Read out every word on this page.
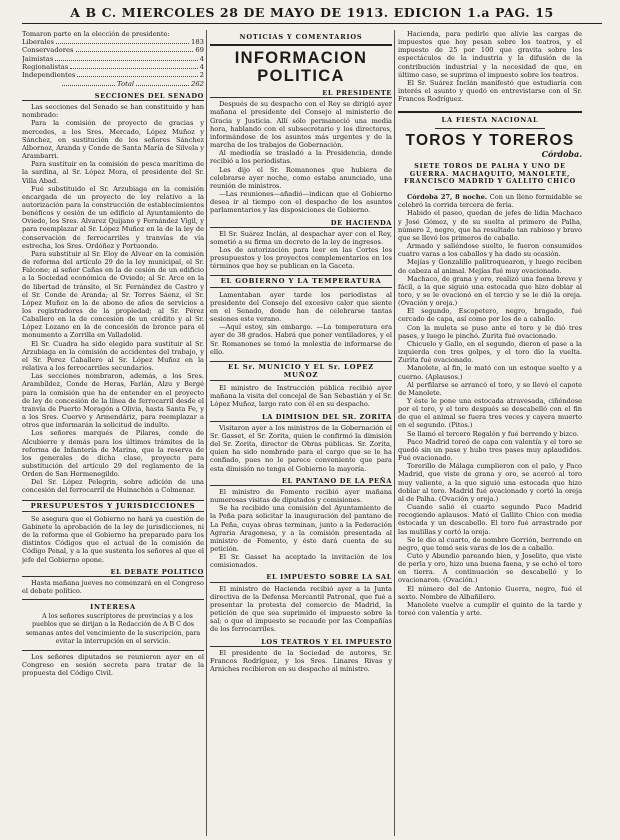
A B C. MIERCOLES 28 DE MAYO DE 1913. EDICION 1.a PAG. 15

Tomaron parte en la elección de presidente:

Liberales	183
Conservadores	69
Jaimistas	4
Regionalistas	4
Independientes	2
Total	262
SECCIONES DEL SENADO

Las secciones del Senado se han constituido y han nombrado:

Para la comisión de proyecto de gracias y mercedes, a los Sres. Mercado, López Muñoz y Sánchez, en sustitución de los señores Sánchez Albornoz, Aranda y Conde de Santa María de Silvela y Arambarri.

Para sustituir en la comisión de pesca marítima de la sardina, al Sr. López Mora, el presidente del Sr. Villa Abad.

Fué substituido el Sr. Arzubiaga en la comisión encargada de un proyecto de ley relativo a la autorización para la construcción de establecimientos benéficos y cesión de un edificio al Ayuntamiento de Oviedo, los Sres. Alvarez Quijano y Fernández Vigil, y para reemplazar al Sr. López Muñoz en la de la ley de conservación de ferrocarriles y tranvías de vía estrecha, los Sres. Ordóñez y Portuondo.

Para substituir al Sr. Eloy de Alvear en la comisión de reforma del artículo 29 de la ley municipal, el Sr. Falcone; al señor Cañas en la de cesión de un edificio a la Sociedad económica de Oviedo; al Sr. Arce en la de libertad de tránsito, el Sr. Fernández de Castro y el Sr. Conde de Aranda; al Sr. Torres Sáenz, el Sr. López Muñoz en la de abono de años de servicios a los registradores de la propiedad; al Sr. Pérez Caballero en la de concesión de un crédito y al Sr. López Lozano en la de concesión de bronce para el monumento a Zorrilla en Valladolid.

El Sr. Cuadra ha sido elegido para sustituir al Sr. Arzubiaga en la comisión de accidentes del trabajo, y el Sr. Perez Caballero al Sr. López Muñoz en la relativa a los ferrocarriles secundarios.

Las secciones nombraron, además, a los Sres. Arambíldez, Conde de Heras, Farlán, Alzu y Bergé para la comisión que ha de entender en el proyecto de ley de concesión de la línea de ferrocarril desde el tranvía de Puerto Moragón a Olivia, hasta Santa Fe, y a los Sres. Cuervo y Armendáriz, para reemplazar a otros que informarán la solicitud de indulto.

Los señores marqués de Pilares, conde de Alcubierre y demás para los últimos trámites de la reforma de Infantería de Marina, que la reserva de los generales de dicha clase, proyecto para substitución del artículo 29 del reglamento de la Orden de San Hermenegildo.

Del Sr. López Pelegrin, sobre adición de una concesión del ferrocarril de Huinachón a Colmenar.

PRESUPUESTOS Y JURISDICCIONES

Se asegura que el Gobierno no hará ya cuestión de Gabinete la aprobación de la ley de jurisdicciones, ni de la reforma que el Gobierno ha preparado para los distintos Códigos que el actual de la comisión de Código Penal, y a la que sustenta los señores al que el jefe del Gobierno opone.

EL DEBATE POLITICO

Hasta mañana jueves no comenzará en el Congreso el debate político.

INTERESA

A los señores suscriptores de provincias y a los pueblos que se dirijan a la Redacción de A B C dos semanas antes del vencimiento de la suscripción, para evitar la interrupción en el servicio.

Los señores diputados se reunieron ayer en el Congreso en sesión secreta para tratar de la propuesta del Código Civil.

NOTICIAS Y COMENTARIOS
INFORMACION
POLITICA
EL PRESIDENTE

Después de su despacho con el Rey se dirigió ayer mañana el presidente del Consejo al ministerio de Gracia y Justicia. Allí sólo permaneció una media hora, hablando con el subsecretario y los directores, informándose de los asuntos más urgentes y de la marcha de los trabajos de Gobernación.

Al mediodía se trasladó a la Presidencia, donde recibió a los periodistas.

Les dijo el Sr. Romanones que hubiera de celebrarse ayer noche, como estaba anunciado, una reunión de ministros.

—Las reuniones—añadió—indican que el Gobierno desea ir al tiempo con el despacho de los asuntos parlamentarios y las disposiciones de Gobierno.

DE HACIENDA

El Sr. Suárez Inclán, al despachar ayer con el Rey, sometió a su firma un decreto de la ley de ingresos.

Los de autorización para leer en las Cortes los presupuestos y los proyectos complementarios en los términos que hoy se publican en la Gaceta.

EL GOBIERNO Y LA TEMPERATURA

Lamentaban ayer tarde los periodistas al presidente del Consejo del excesivo calor que siente en el Senado, donde han de celebrarse tantas sesiones este verano.

—Aquí estoy, sin embargo. —La temperatura era ayer de 38 grados. Habrá que poner ventiladores, y el Sr. Romanones se tomó la molestia de informarse de ello.

EL Sr. MUNICIO Y EL Sr. LOPEZ MUÑOZ

El ministro de Instrucción pública recibió ayer mañana la visita del concejal de San Sebastián y el Sr. López Muñoz, largo rato con él en su despacho.

LA DIMISION DEL SR. ZORITA

Visitaron ayer a los ministros de la Gobernación el Sr. Gasset, el Sr. Zorita, quien le confirmó la dimisión del Sr. Zorita, director de Obras públicas. Sr. Zorita, quien ha sido nombrado para el cargo que se le ha confiado, pues no le parece conveniente que para esta dimisión no tenga el Gobierno la mayoría.

EL PANTANO DE LA PEÑA

El ministro de Fomento recibió ayer mañana numerosas visitas de diputados y comisiones.

Se ha recibido una comisión del Ayuntamiento de la Peña para solicitar la inauguración del pantano de La Peña, cuyas obras terminan, junto a la Federación Agraria Aragonesa, y a la comisión presentada al ministro de Fomento, y éste dará cuenta de su petición.

El Sr. Gasset ha aceptado la invitación de los comisionados.

EL IMPUESTO SOBRE LA SAL

El ministro de Hacienda recibió ayer a la Junta directiva de la Defensa Mercantil Patronal, que fué a presentar la protesta del comercio de Madrid, la petición de que sea suprimido el impuesto sobre la sal; o que el impuesto se recaude por las Compañías de los ferrocarriles.

LOS TEATROS Y EL IMPUESTO

El presidente de la Sociedad de autores, Sr. Francos Rodríguez, y los Sres. Linares Rivas y Arniches recibieron en su despacho al ministro.

Hacienda, para pedirle que alivie las cargas de impuestos que hoy pesan sobre los teatros, y el impuesto de 25 por 100 que gravita sobre los espectáculos de la industria y la difusión de la contribución industrial y la necesidad de que, en último caso, se suprima el impuesto sobre los teatros.

El Sr. Suárez Inclán manifestó que estudiaría con interés el asunto y quedó en entrevistarse con el Sr. Francos Rodríguez.

LA FIESTA NACIONAL
TOROS Y TOREROS
Córdoba.
SIETE TOROS DE PALHA Y UNO DE GUERRA. MACHAQUITO, MANOLETE, FRANCISCO MADRID Y GALLITO CHICO

Córdoba 27, 8 noche. Con un lleno formidable se celebró la corrida tercera de feria.

Habido el paseo, quedan de jefes de lidia Machaco y José Gómez, y de su suelta al primero de Palha, número 2, negro, que ha resultado tan rabioso y bravo que se llevó los primeros de caballo.

Armado y saliéndose suelto, le fueron consumidos cuatro varas a los caballos y ha dado su ocasión.

Mejías y Gonzalillo palitroquearon, y luego reciben de cabeza al animal. Mejías fué muy ovacionado.

Machaco, de grana y oro, realizó una faena breve y fácil, a la que siguió una estocada que hizo doblar al toro, y se le ovacionó en el tercio y se le dió la oreja. (Ovación y oreja.)

El segundo, Escopetero, negro, bragado, fué cercado de capa, así como por los de a caballo.

Con la muleta se puso ante el toro y le dió tres pases, y luego le pinchó. Zurita fué ovacionado.

Chicuelo y Gallo, en el segundo, dieron el pase a la izquierda con tres golpes, y el toro dio la vuelta. Zurita fué ovacionado.

Manolete, al fin, le mató con un estoque suelto y a cuerno. (Aplausos.)

Al perfilarse se arrancó el toro, y se llevó el capote de Manolete.

Y éste le pone una estocada atravesada, ciñéndose por el toro, y el toro después se descabelló con el fin de que el animal se fuera tres veces y cayera muerto en el segundo. (Pitos.)

Se llamó el tercero Regalón y fué berrendo y bizco.

Paco Madrid toreó de capa con valentía y el toro se quedó sin un pase y hubo tres pases muy aplaudidos. Fué ovacionado.

Torerillo de Málaga cumplieron con el palo, y Paco Madrid, que viste de grana y oro, se acercó al toro muy valiente, a la que siguió una estocada que hizo doblar al toro. Madrid fué ovacionado y cortó la oreja al de Palha. (Ovación y oreja.)

Cuando salió el cuarto segundo Paco Madrid recogiendo aplausos. Mató el Gallito Chico con media estocada y un descabello. El toro fué arrastrado por las mulillas y cortó la oreja.

Se le dio al cuarto, de nombre Gorrión, berrendo en negro, que tomó seis varas de los de a caballo.

Cuto y Abundio pareando bien, y Joselito, que viste de perla y oro, hizo una buena faena, y se echó el toro en tierra. A continuación se descabelló y lo ovacionaron. (Ovación.)

El número del de Antonio Guerra, negro, fué el sexto. Nombre de Albañilero.

Manolete vuelve a cumplir el quinto de la tarde y toreó con valentía y arte.
